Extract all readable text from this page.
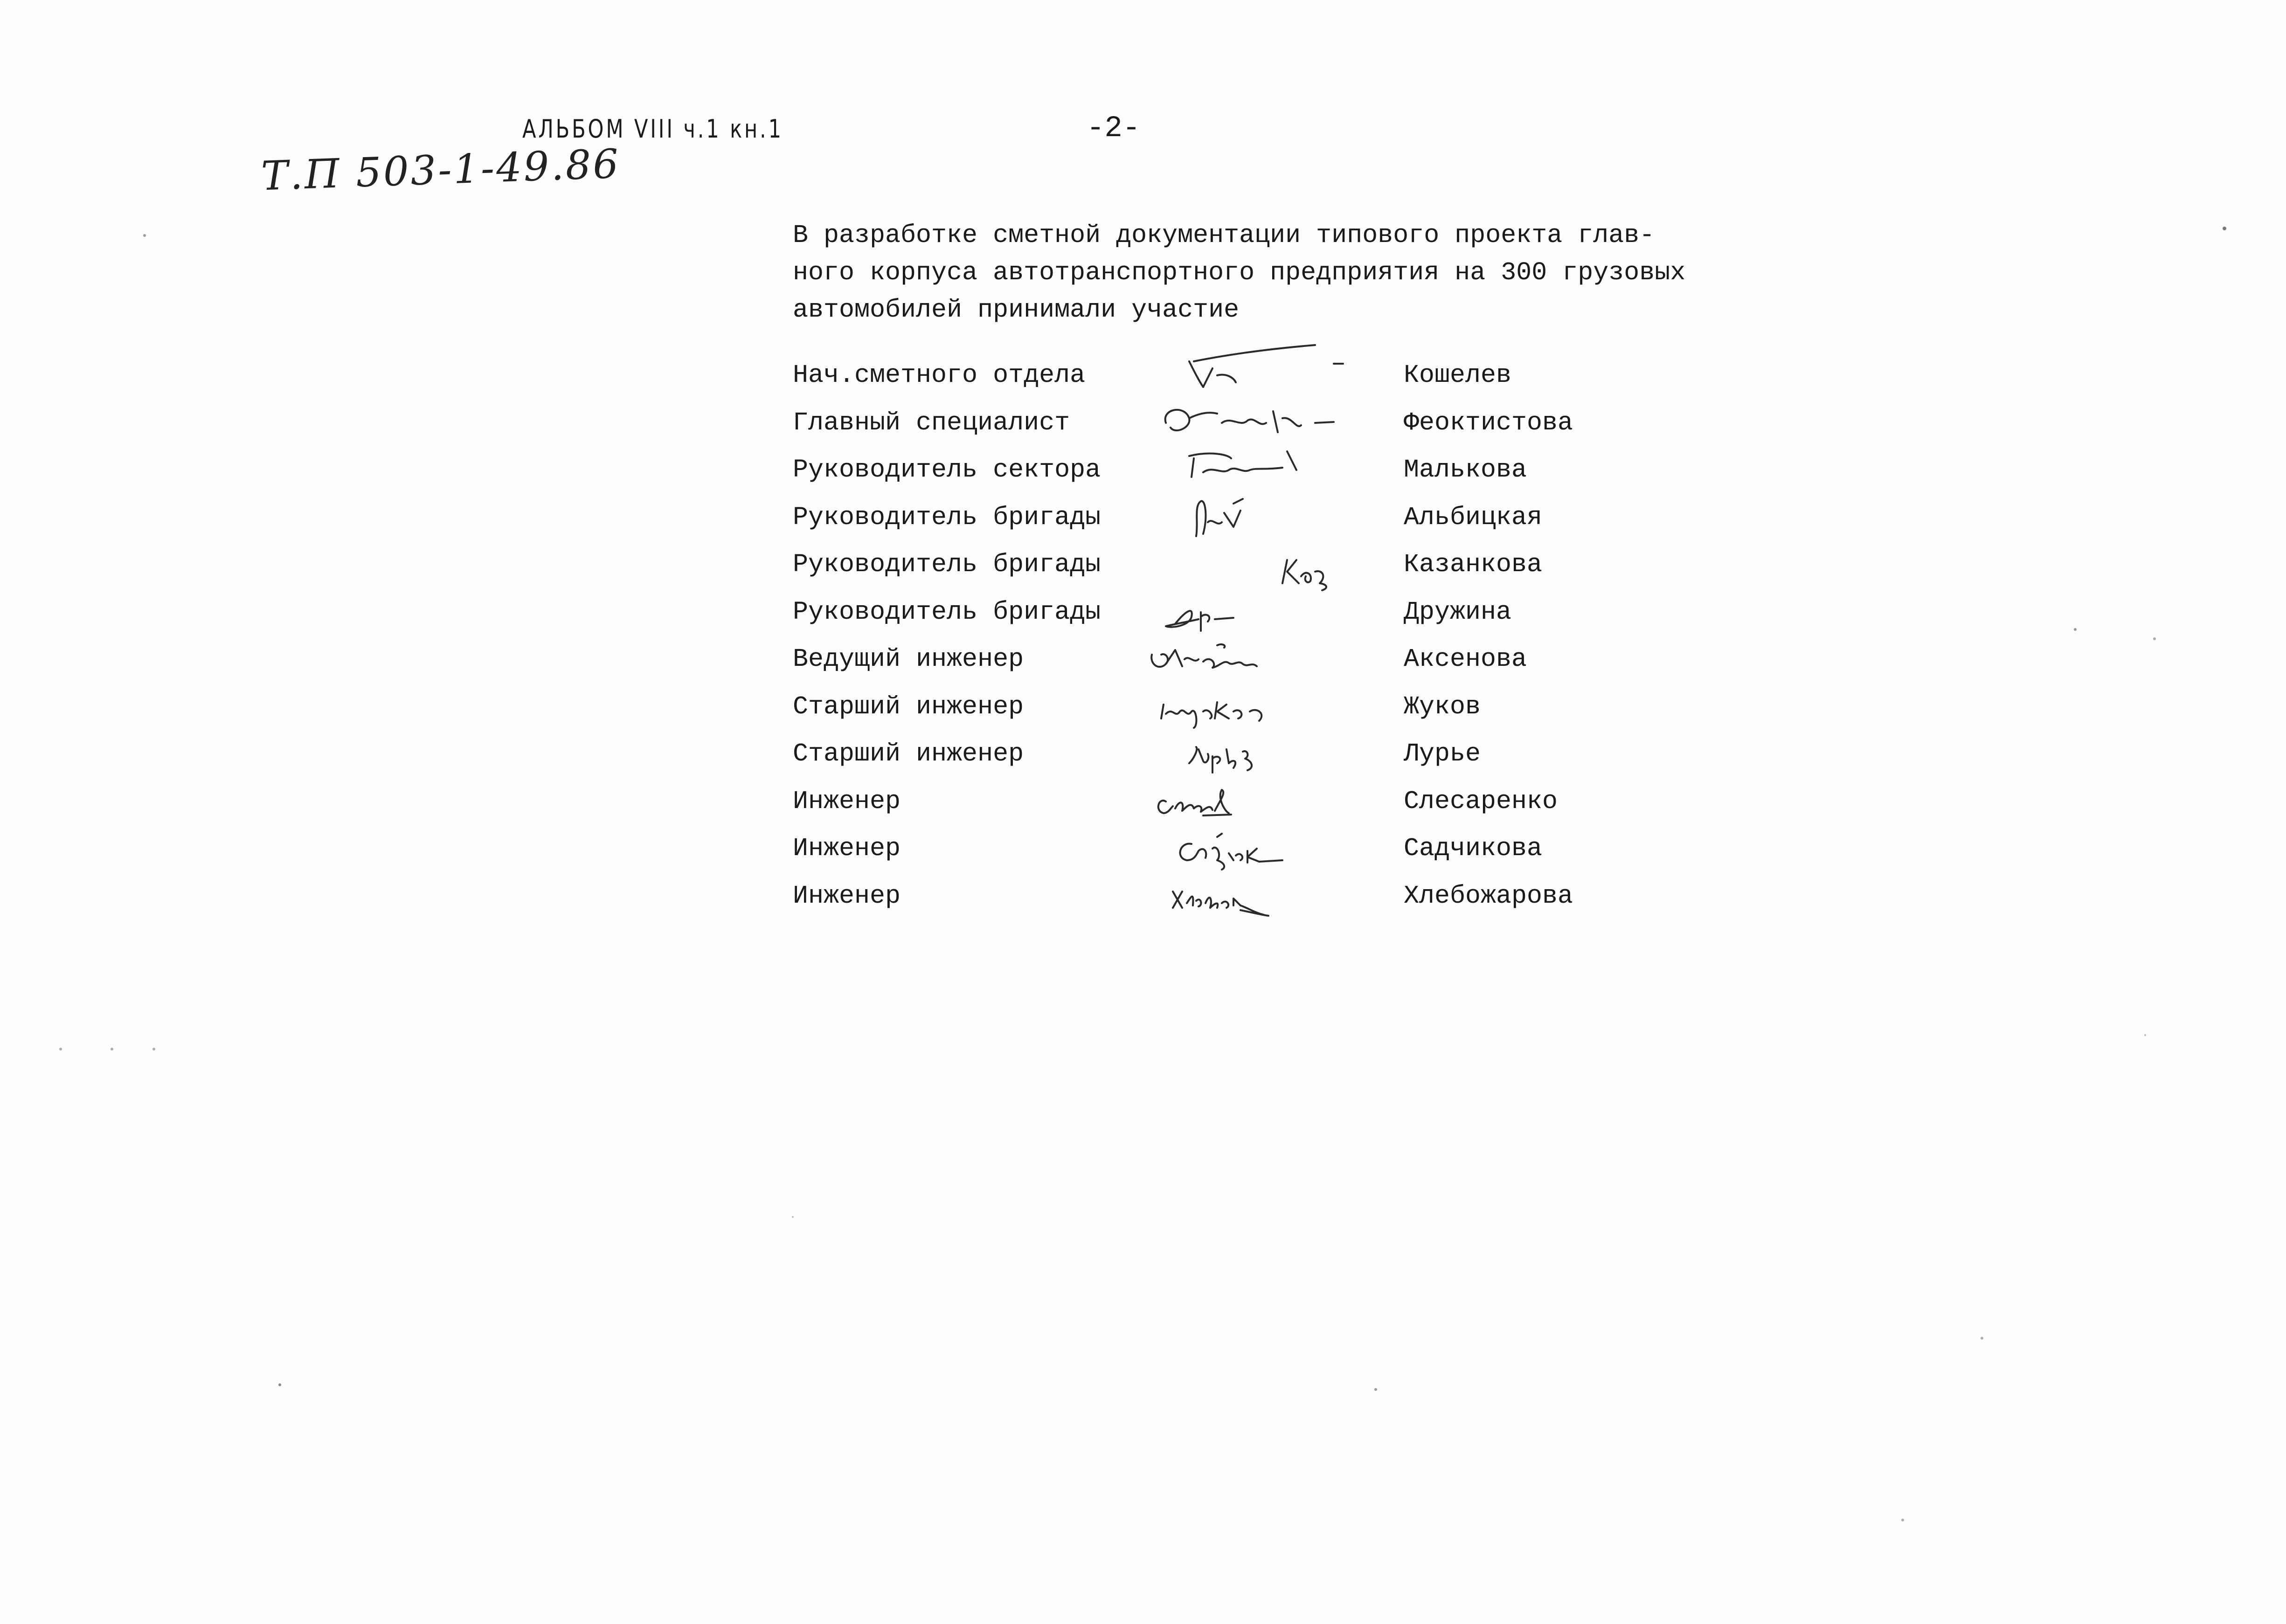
АЛЬБОМ VIII ч.1 кн.1	-2-
Т.П 503-1-49.86

В разработке сметной документации типового проекта глав-
ного корпуса автотранспортного предприятия на 300 грузовых
автомобилей принимали участие

Нач.сметного отдела	Кошелев
Главный специалист	Феоктистова
Руководитель сектора	Малькова
Руководитель бригады	Альбицкая
Руководитель бригады	Казанкова
Руководитель бригады	Дружина
Ведущий инженер	Аксенова
Старший инженер	Жуков
Старший инженер	Лурье
Инженер	Слесаренко
Инженер	Садчикова
Инженер	Хлебожарова
